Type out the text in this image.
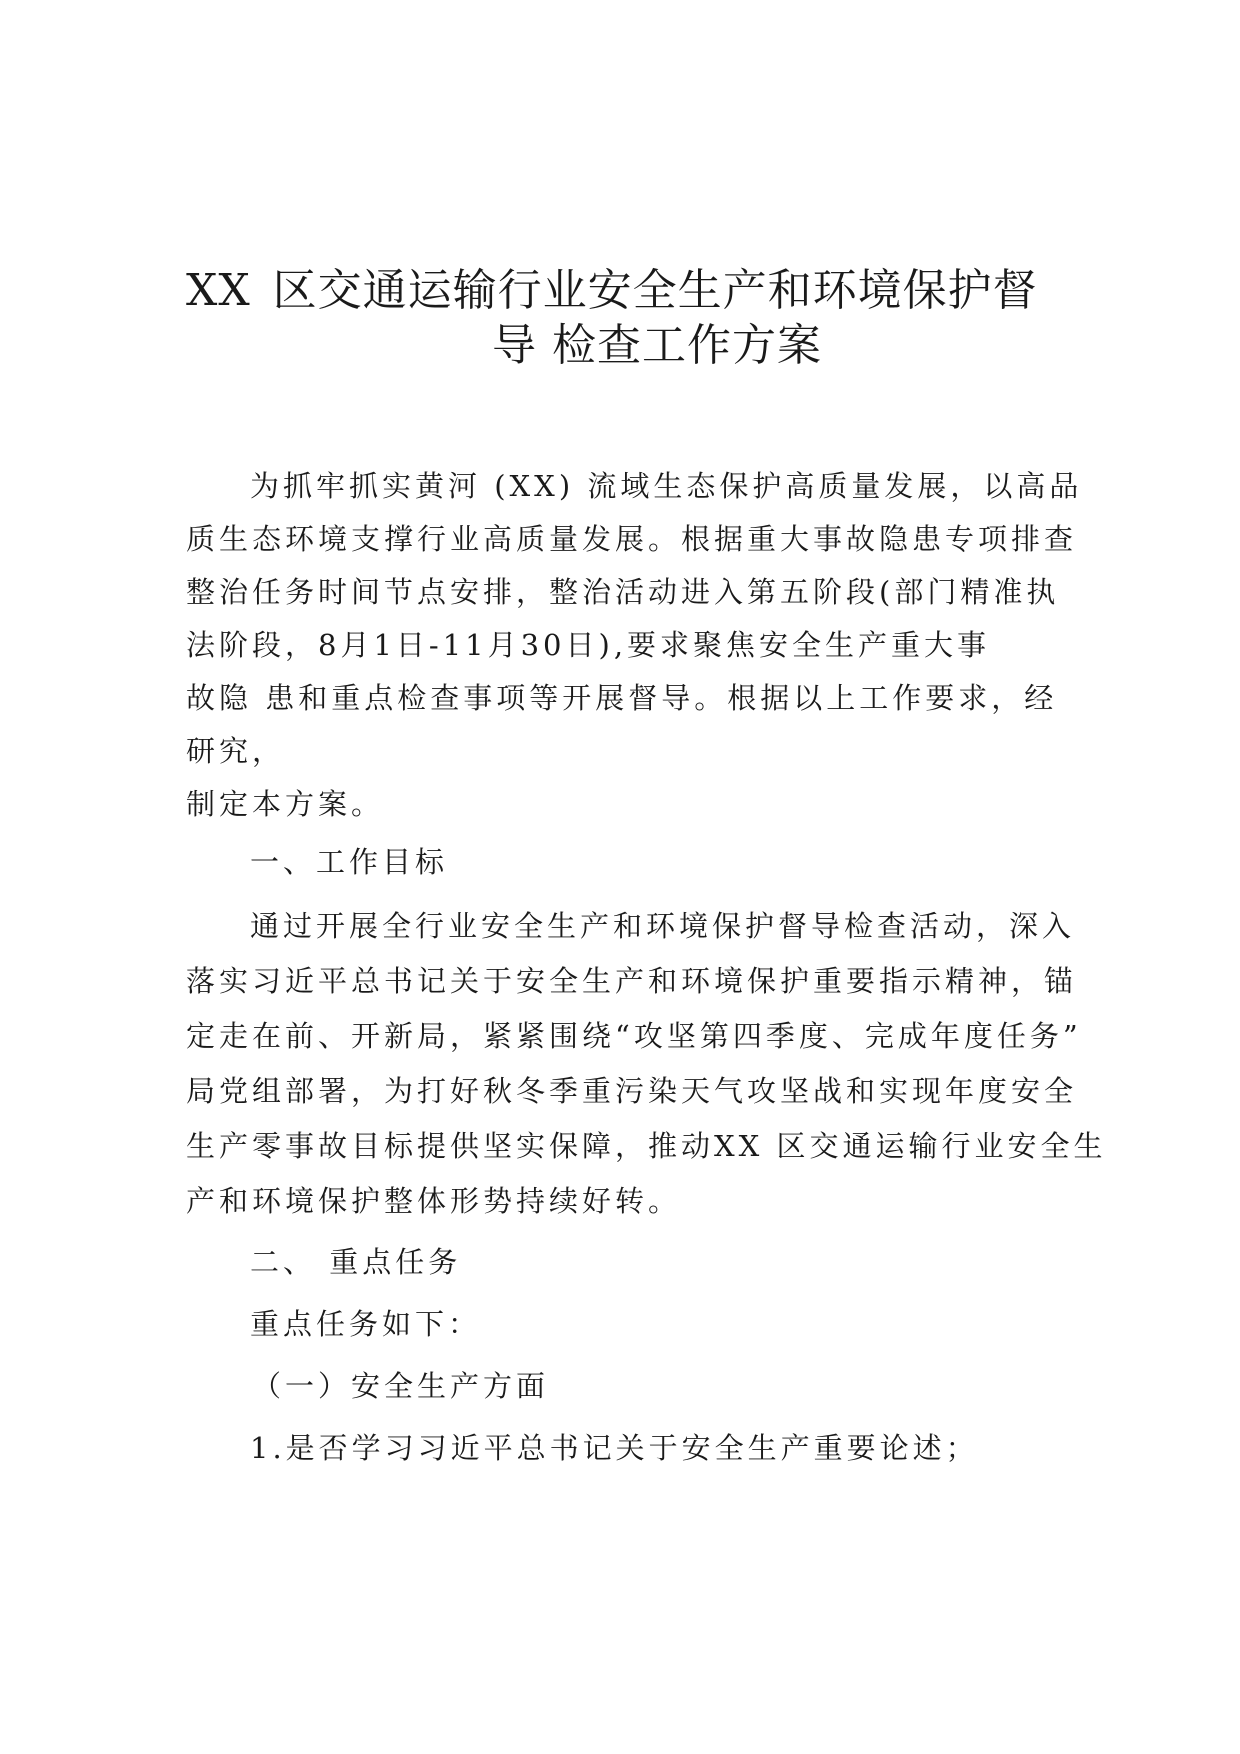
XX 区交通运输行业安全生产和环境保护督
导 检查工作方案
为抓牢抓实黄河 (XX) 流域生态保护高质量发展，以高品
质生态环境支撑行业高质量发展。根据重大事故隐患专项排查
整治任务时间节点安排，整治活动进入第五阶段(部门精准执
法阶段，8月1日-11月30日),要求聚焦安全生产重大事
故隐 患和重点检查事项等开展督导。根据以上工作要求，经
研究，
制定本方案。
一、工作目标
通过开展全行业安全生产和环境保护督导检查活动，深入
落实习近平总书记关于安全生产和环境保护重要指示精神，锚
定走在前、开新局，紧紧围绕“攻坚第四季度、完成年度任务”
局党组部署，为打好秋冬季重污染天气攻坚战和实现年度安全
生产零事故目标提供坚实保障，推动XX 区交通运输行业安全生
产和环境保护整体形势持续好转。
二、 重点任务
重点任务如下：
（一）安全生产方面
1.是否学习习近平总书记关于安全生产重要论述；
